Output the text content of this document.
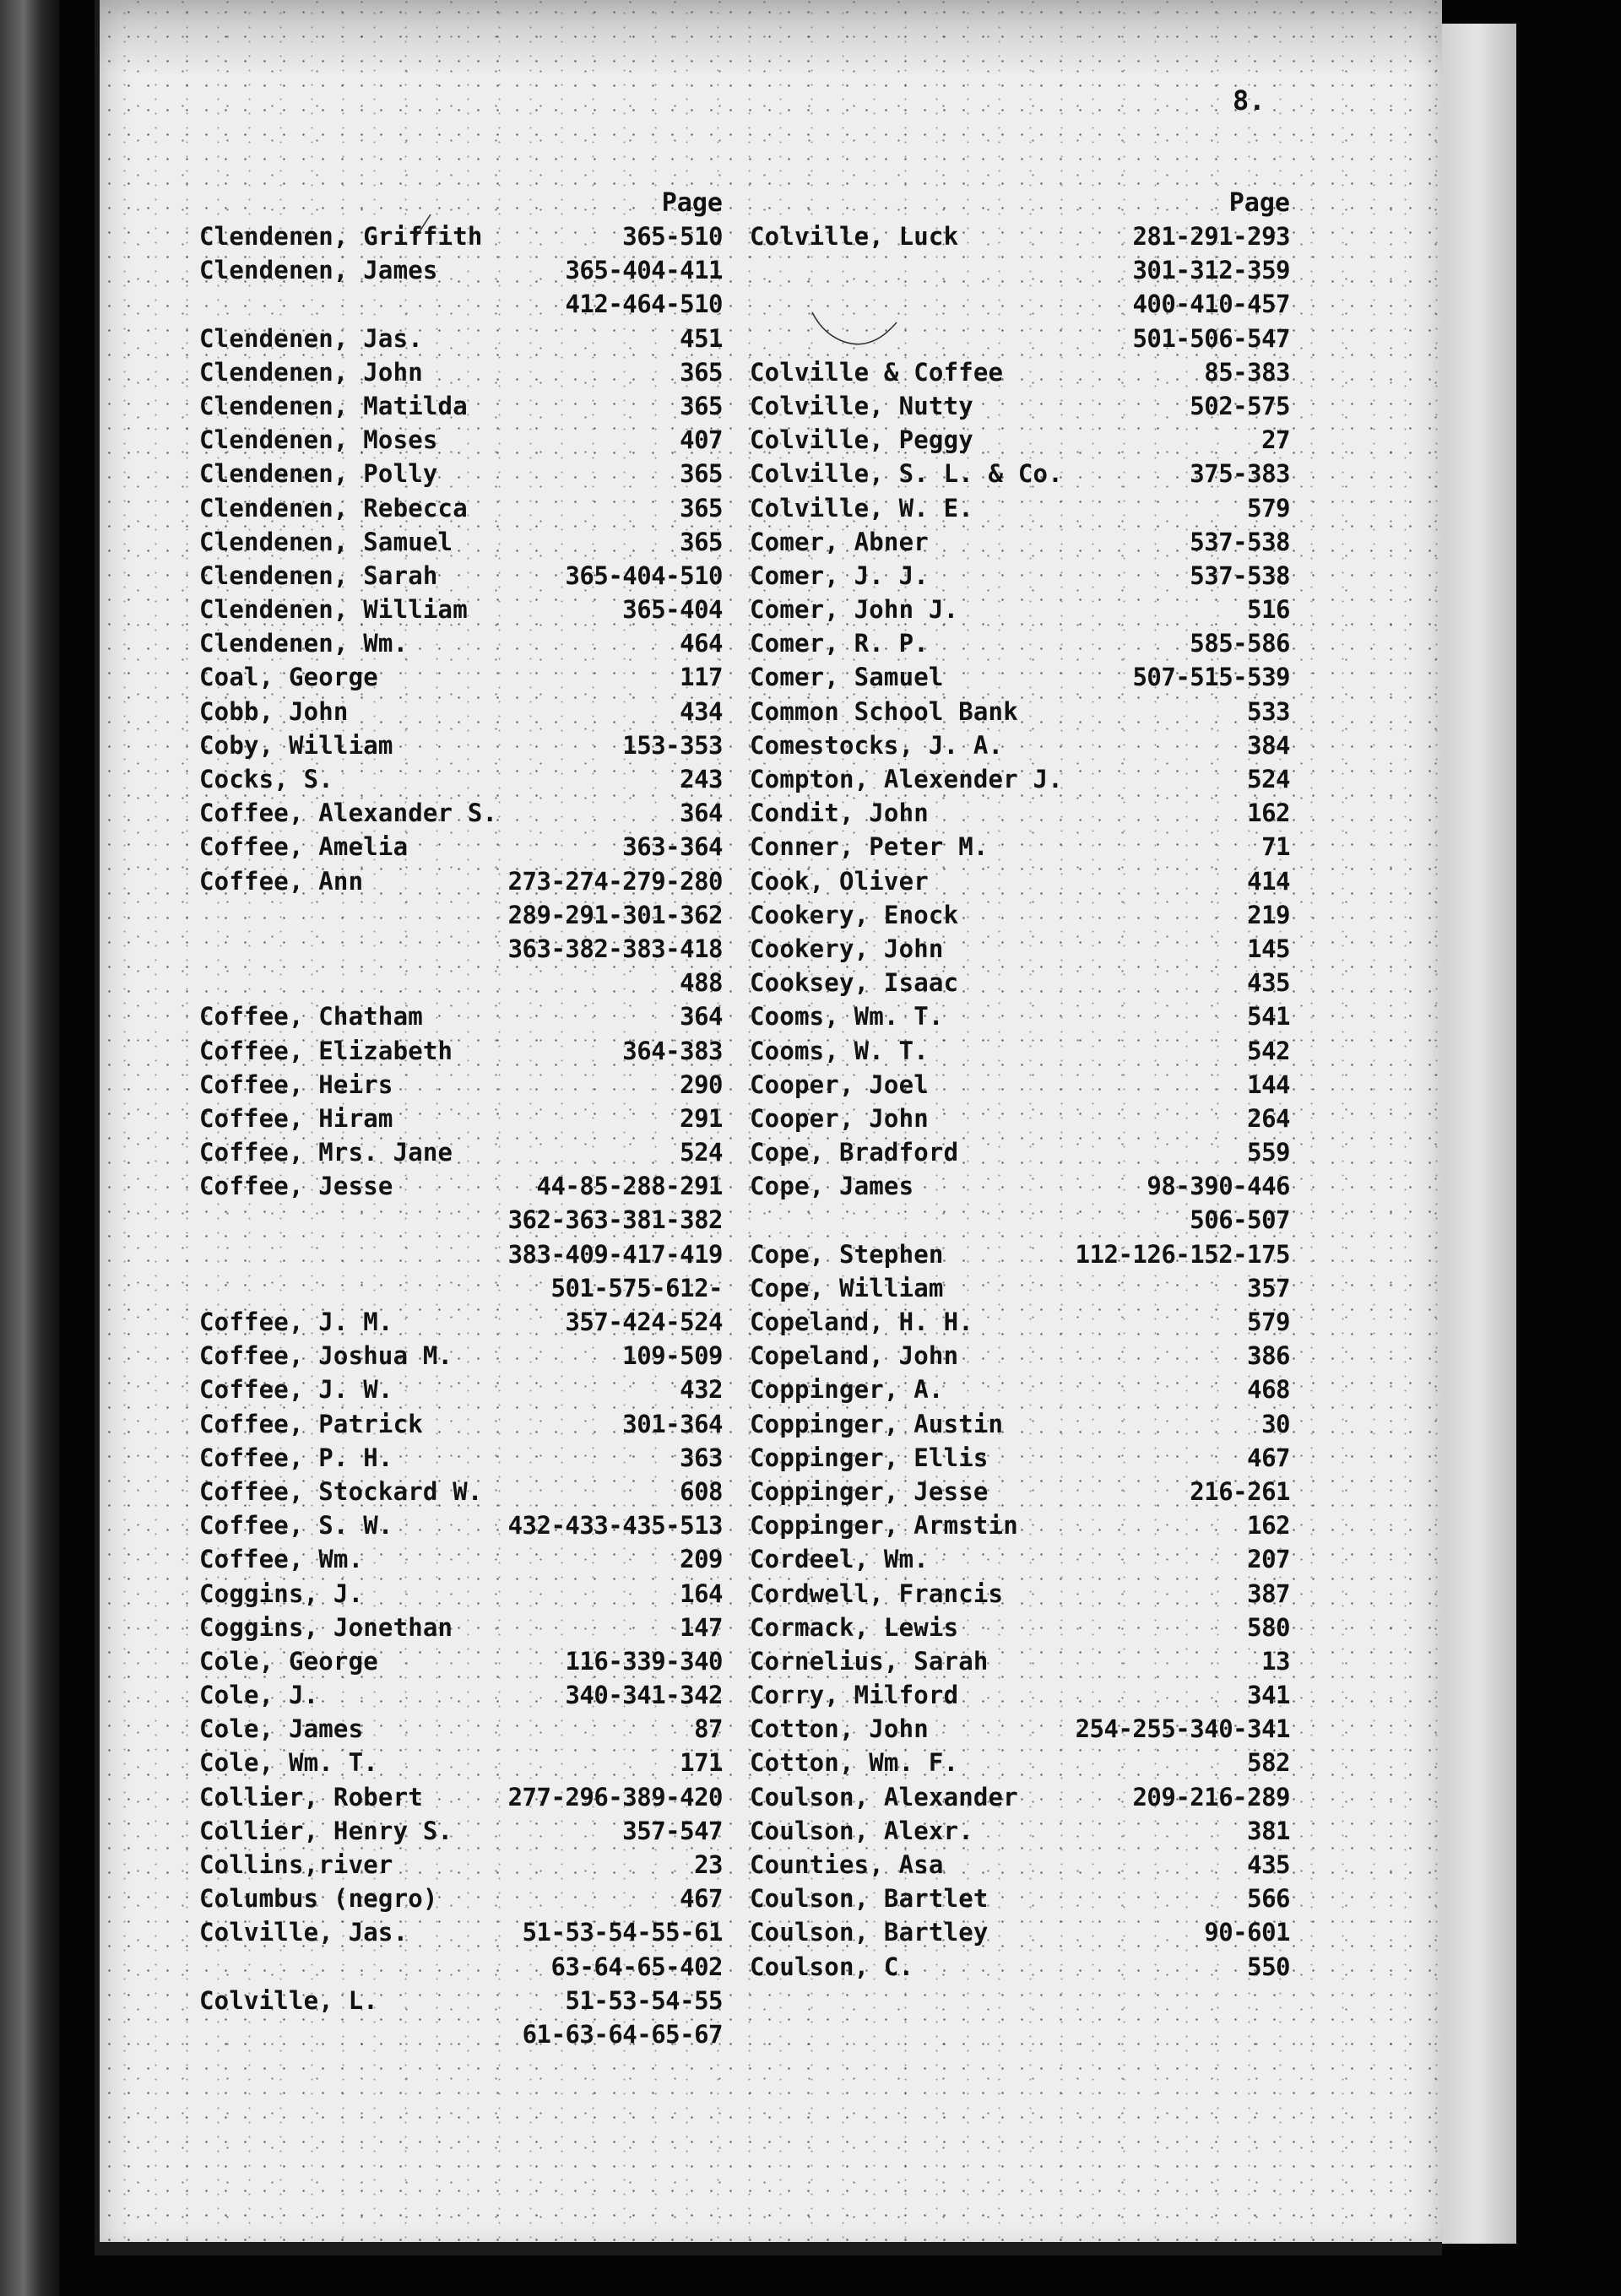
8.
Page
Clendenen, Griffith	365-510
Clendenen, James	365-404-411
412-464-510
Clendenen, Jas.	451
Clendenen, John	365
Clendenen, Matilda	365
Clendenen, Moses	407
Clendenen, Polly	365
Clendenen, Rebecca	365
Clendenen, Samuel	365
Clendenen, Sarah	365-404-510
Clendenen, William	365-404
Clendenen, Wm.	464
Coal, George	117
Cobb, John	434
Coby, William	153-353
Cocks, S.	243
Coffee, Alexander S.	364
Coffee, Amelia	363-364
Coffee, Ann	273-274-279-280
289-291-301-362
363-382-383-418
488
Coffee, Chatham	364
Coffee, Elizabeth	364-383
Coffee, Heirs	290
Coffee, Hiram	291
Coffee, Mrs. Jane	524
Coffee, Jesse	44-85-288-291
362-363-381-382
383-409-417-419
501-575-612-
Coffee, J. M.	357-424-524
Coffee, Joshua M.	109-509
Coffee, J. W.	432
Coffee, Patrick	301-364
Coffee, P. H.	363
Coffee, Stockard W.	608
Coffee, S. W.	432-433-435-513
Coffee, Wm.	209
Coggins, J.	164
Coggins, Jonethan	147
Cole, George	116-339-340
Cole, J.	340-341-342
Cole, James	87
Cole, Wm. T.	171
Collier, Robert	277-296-389-420
Collier, Henry S.	357-547
Collins,river	23
Columbus (negro)	467
Colville, Jas.	51-53-54-55-61
63-64-65-402
Colville, L.	51-53-54-55
61-63-64-65-67
Page
Colville, Luck	281-291-293
301-312-359
400-410-457
501-506-547
Colville & Coffee	85-383
Colville, Nutty	502-575
Colville, Peggy	27
Colville, S. L. & Co.	375-383
Colville, W. E.	579
Comer, Abner	537-538
Comer, J. J.	537-538
Comer, John J.	516
Comer, R. P.	585-586
Comer, Samuel	507-515-539
Common School Bank	533
Comestocks, J. A.	384
Compton, Alexender J.	524
Condit, John	162
Conner, Peter M.	71
Cook, Oliver	414
Cookery, Enock	219
Cookery, John	145
Cooksey, Isaac	435
Cooms, Wm. T.	541
Cooms, W. T.	542
Cooper, Joel	144
Cooper, John	264
Cope, Bradford	559
Cope, James	98-390-446
506-507
Cope, Stephen	112-126-152-175
Cope, William	357
Copeland, H. H.	579
Copeland, John	386
Coppinger, A.	468
Coppinger, Austin	30
Coppinger, Ellis	467
Coppinger, Jesse	216-261
Coppinger, Armstin	162
Cordeel, Wm.	207
Cordwell, Francis	387
Cormack, Lewis	580
Cornelius, Sarah	13
Corry, Milford	341
Cotton, John	254-255-340-341
Cotton, Wm. F.	582
Coulson, Alexander	209-216-289
Coulson, Alexr.	381
Counties, Asa	435
Coulson, Bartlet	566
Coulson, Bartley	90-601
Coulson, C.	550
